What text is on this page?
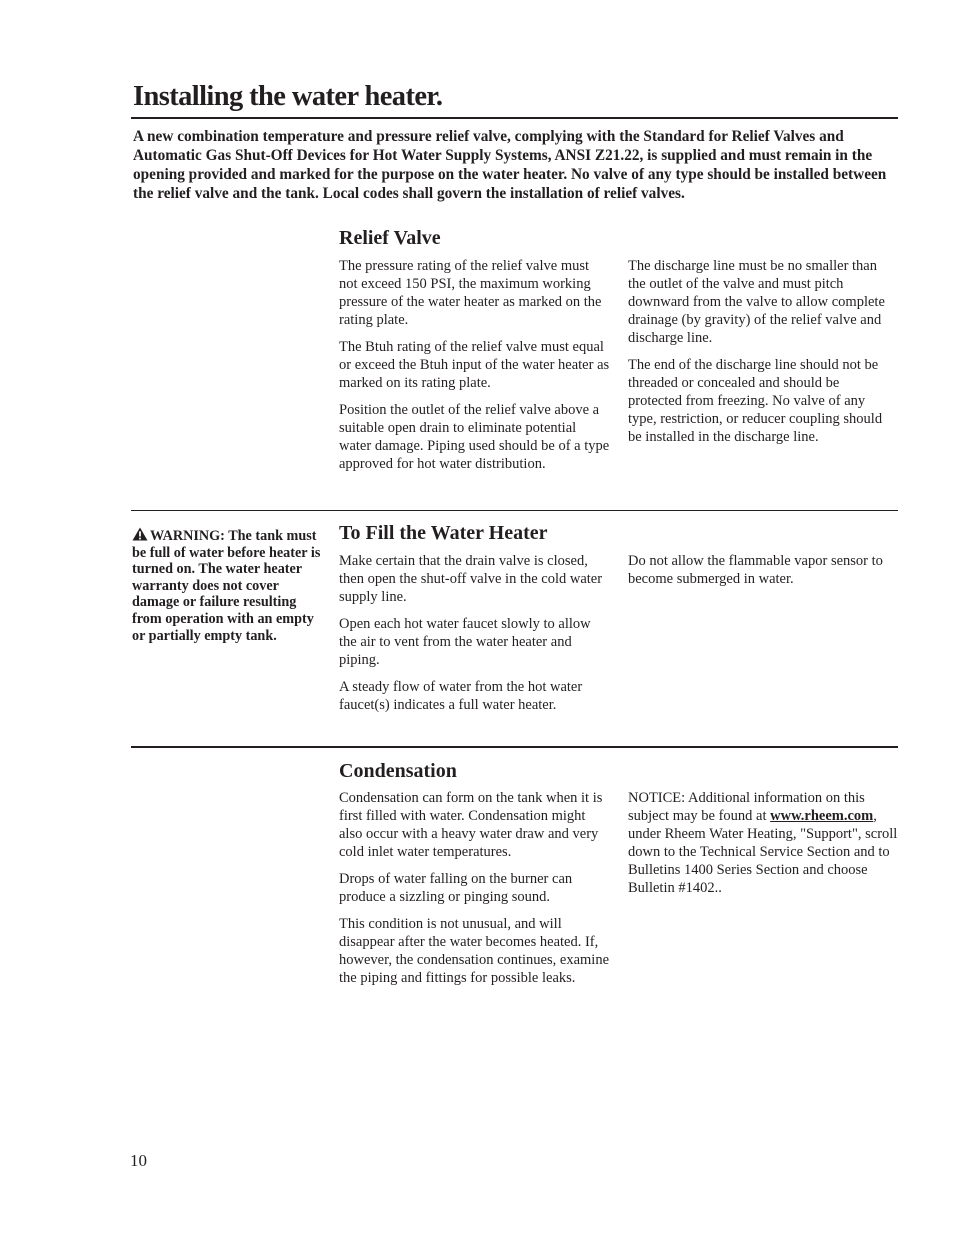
Installing the water heater.

A new combination temperature and pressure relief valve, complying with the Standard for Relief Valves and Automatic Gas Shut-Off Devices for Hot Water Supply Systems, ANSI Z21.22, is supplied and must remain in the opening provided and marked for the purpose on the water heater. No valve of any type should be installed between the relief valve and the tank. Local codes shall govern the installation of relief valves.

Relief Valve

The pressure rating of the relief valve must not exceed 150 PSI, the maximum working pressure of the water heater as marked on the rating plate.

The Btuh rating of the relief valve must equal or exceed the Btuh input of the water heater as marked on its rating plate.

Position the outlet of the relief valve above a suitable open drain to eliminate potential water damage. Piping used should be of a type approved for hot water distribution.

The discharge line must be no smaller than the outlet of the valve and must pitch downward from the valve to allow complete drainage (by gravity) of the relief valve and discharge line.

The end of the discharge line should not be threaded or concealed and should be protected from freezing. No valve of any type, restriction, or reducer coupling should be installed in the discharge line.

WARNING: The tank must be full of water before heater is turned on. The water heater warranty does not cover damage or failure resulting from operation with an empty or partially empty tank.

To Fill the Water Heater

Make certain that the drain valve is closed, then open the shut-off valve in the cold water supply line.

Open each hot water faucet slowly to allow the air to vent from the water heater and piping.

A steady flow of water from the hot water faucet(s) indicates a full water heater.

Do not allow the flammable vapor sensor to become submerged in water.

Condensation

Condensation can form on the tank when it is first filled with water. Condensation might also occur with a heavy water draw and very cold inlet water temperatures.

Drops of water falling on the burner can produce a sizzling or pinging sound.

This condition is not unusual, and will disappear after the water becomes heated. If, however, the condensation continues, examine the piping and fittings for possible leaks.

NOTICE: Additional information on this subject may be found at www.rheem.com, under Rheem Water Heating, "Support", scroll down to the Technical Service Section and to Bulletins 1400 Series Section and choose Bulletin #1402..

10
